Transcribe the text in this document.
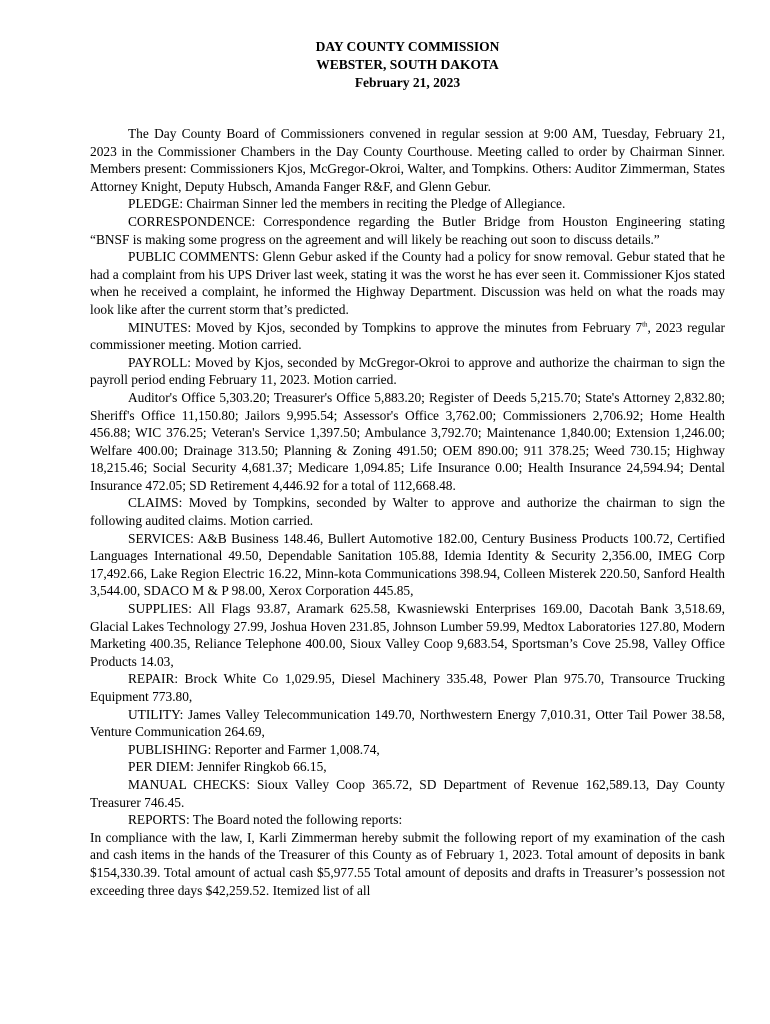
DAY COUNTY COMMISSION
WEBSTER, SOUTH DAKOTA
February 21, 2023

The Day County Board of Commissioners convened in regular session at 9:00 AM, Tuesday, February 21, 2023 in the Commissioner Chambers in the Day County Courthouse. Meeting called to order by Chairman Sinner. Members present: Commissioners Kjos, McGregor-Okroi, Walter, and Tompkins. Others: Auditor Zimmerman, States Attorney Knight, Deputy Hubsch, Amanda Fanger R&F, and Glenn Gebur.

PLEDGE: Chairman Sinner led the members in reciting the Pledge of Allegiance.

CORRESPONDENCE: Correspondence regarding the Butler Bridge from Houston Engineering stating “BNSF is making some progress on the agreement and will likely be reaching out soon to discuss details.”

PUBLIC COMMENTS: Glenn Gebur asked if the County had a policy for snow removal. Gebur stated that he had a complaint from his UPS Driver last week, stating it was the worst he has ever seen it. Commissioner Kjos stated when he received a complaint, he informed the Highway Department. Discussion was held on what the roads may look like after the current storm that’s predicted.

MINUTES: Moved by Kjos, seconded by Tompkins to approve the minutes from February 7th, 2023 regular commissioner meeting. Motion carried.

PAYROLL: Moved by Kjos, seconded by McGregor-Okroi to approve and authorize the chairman to sign the payroll period ending February 11, 2023. Motion carried.

Auditor's Office 5,303.20; Treasurer's Office 5,883.20; Register of Deeds 5,215.70; State's Attorney 2,832.80; Sheriff's Office 11,150.80; Jailors 9,995.54; Assessor's Office 3,762.00; Commissioners 2,706.92; Home Health 456.88; WIC 376.25; Veteran's Service 1,397.50; Ambulance 3,792.70; Maintenance 1,840.00; Extension 1,246.00; Welfare 400.00; Drainage 313.50; Planning & Zoning 491.50; OEM 890.00; 911 378.25; Weed 730.15; Highway 18,215.46; Social Security 4,681.37; Medicare 1,094.85; Life Insurance 0.00; Health Insurance 24,594.94; Dental Insurance 472.05; SD Retirement 4,446.92 for a total of 112,668.48.

CLAIMS: Moved by Tompkins, seconded by Walter to approve and authorize the chairman to sign the following audited claims. Motion carried.

SERVICES: A&B Business 148.46, Bullert Automotive 182.00, Century Business Products 100.72, Certified Languages International 49.50, Dependable Sanitation 105.88, Idemia Identity & Security 2,356.00, IMEG Corp 17,492.66, Lake Region Electric 16.22, Minn-kota Communications 398.94, Colleen Misterek 220.50, Sanford Health 3,544.00, SDACO M & P 98.00, Xerox Corporation 445.85,

SUPPLIES: All Flags 93.87, Aramark 625.58, Kwasniewski Enterprises 169.00, Dacotah Bank 3,518.69, Glacial Lakes Technology 27.99, Joshua Hoven 231.85, Johnson Lumber 59.99, Medtox Laboratories 127.80, Modern Marketing 400.35, Reliance Telephone 400.00, Sioux Valley Coop 9,683.54, Sportsman’s Cove 25.98, Valley Office Products 14.03,

REPAIR: Brock White Co 1,029.95, Diesel Machinery 335.48, Power Plan 975.70, Transource Trucking Equipment 773.80,

UTILITY: James Valley Telecommunication 149.70, Northwestern Energy 7,010.31, Otter Tail Power 38.58, Venture Communication 264.69,

PUBLISHING: Reporter and Farmer 1,008.74,

PER DIEM: Jennifer Ringkob 66.15,

MANUAL CHECKS: Sioux Valley Coop 365.72, SD Department of Revenue 162,589.13, Day County Treasurer 746.45.

REPORTS: The Board noted the following reports:

In compliance with the law, I, Karli Zimmerman hereby submit the following report of my examination of the cash and cash items in the hands of the Treasurer of this County as of February 1, 2023. Total amount of deposits in bank $154,330.39. Total amount of actual cash $5,977.55 Total amount of deposits and drafts in Treasurer’s possession not exceeding three days $42,259.52. Itemized list of all
